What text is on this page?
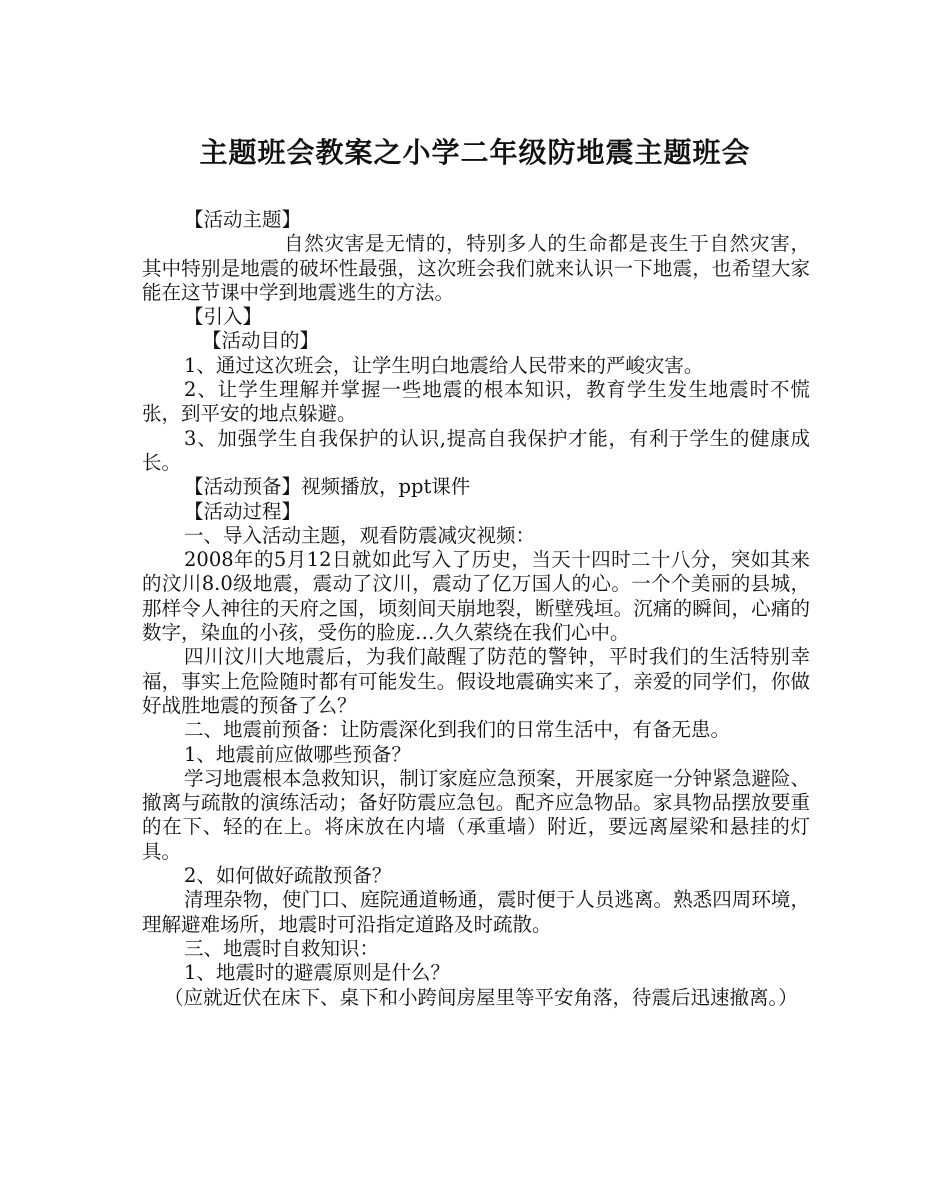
主题班会教案之小学二年级防地震主题班会

【活动主题】

自然灾害是无情的，特别多人的生命都是丧生于自然灾害，其中特别是地震的破坏性最强，这次班会我们就来认识一下地震，也希望大家能在这节课中学到地震逃生的方法。

【引入】

【活动目的】

1、通过这次班会，让学生明白地震给人民带来的严峻灾害。

2、让学生理解并掌握一些地震的根本知识，教育学生发生地震时不慌张，到平安的地点躲避。

3、加强学生自我保护的认识,提高自我保护才能，有利于学生的健康成长。

【活动预备】视频播放，ppt课件

【活动过程】

一、导入活动主题，观看防震减灾视频：

2008年的5月12日就如此写入了历史，当天十四时二十八分，突如其来的汶川8.0级地震，震动了汶川，震动了亿万国人的心。一个个美丽的县城，那样令人神往的天府之国，顷刻间天崩地裂，断壁残垣。沉痛的瞬间，心痛的数字，染血的小孩，受伤的脸庞…久久萦绕在我们心中。

四川汶川大地震后，为我们敲醒了防范的警钟，平时我们的生活特别幸福，事实上危险随时都有可能发生。假设地震确实来了，亲爱的同学们，你做好战胜地震的预备了么？

二、地震前预备：让防震深化到我们的日常生活中，有备无患。

1、地震前应做哪些预备？

学习地震根本急救知识，制订家庭应急预案，开展家庭一分钟紧急避险、撤离与疏散的演练活动；备好防震应急包。配齐应急物品。家具物品摆放要重的在下、轻的在上。将床放在内墙（承重墙）附近，要远离屋梁和悬挂的灯具。

2、如何做好疏散预备？

清理杂物，使门口、庭院通道畅通，震时便于人员逃离。熟悉四周环境，理解避难场所，地震时可沿指定道路及时疏散。

三、地震时自救知识：

1、地震时的避震原则是什么？

（应就近伏在床下、桌下和小跨间房屋里等平安角落，待震后迅速撤离。）
